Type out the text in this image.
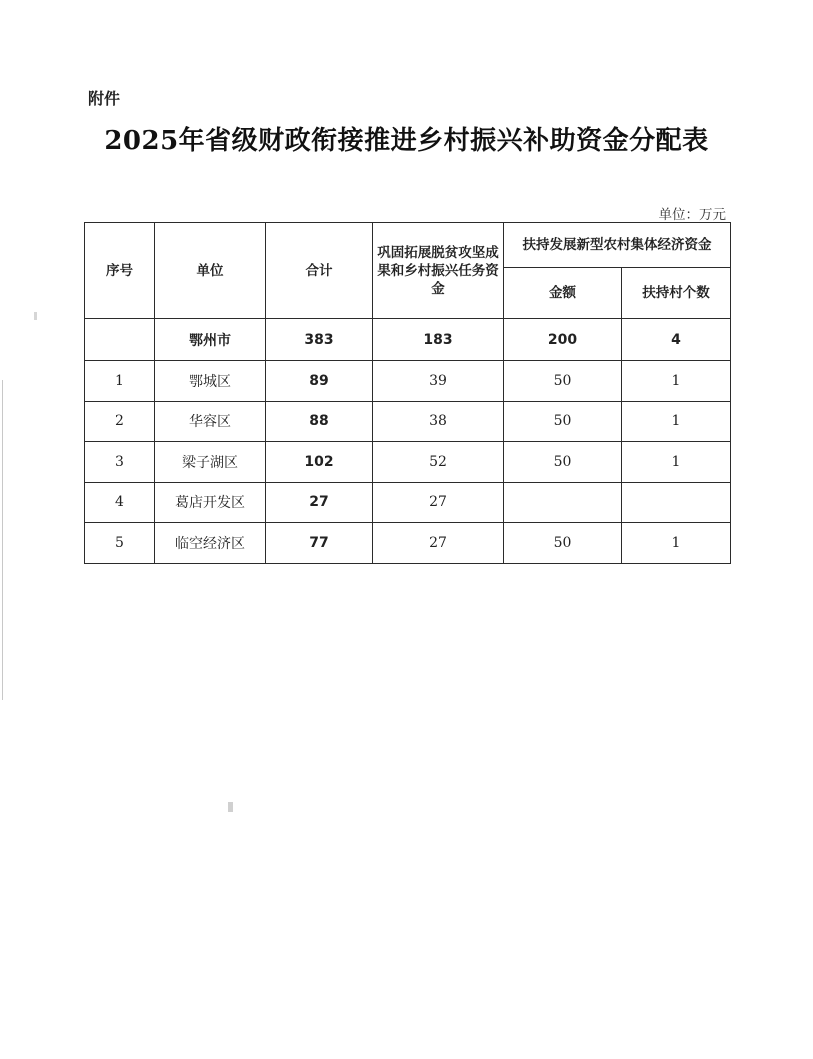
附件
2025年省级财政衔接推进乡村振兴补助资金分配表
单位：万元
序号	单位	合计	巩固拓展脱贫攻坚成果和乡村振兴任务资金	扶持发展新型农村集体经济资金	
				金额	扶持村个数
	鄂州市	383	183	200	4
1	鄂城区	89	39	50	1
2	华容区	88	38	50	1
3	梁子湖区	102	52	50	1
4	葛店开发区	27	27		
5	临空经济区	77	27	50	1
